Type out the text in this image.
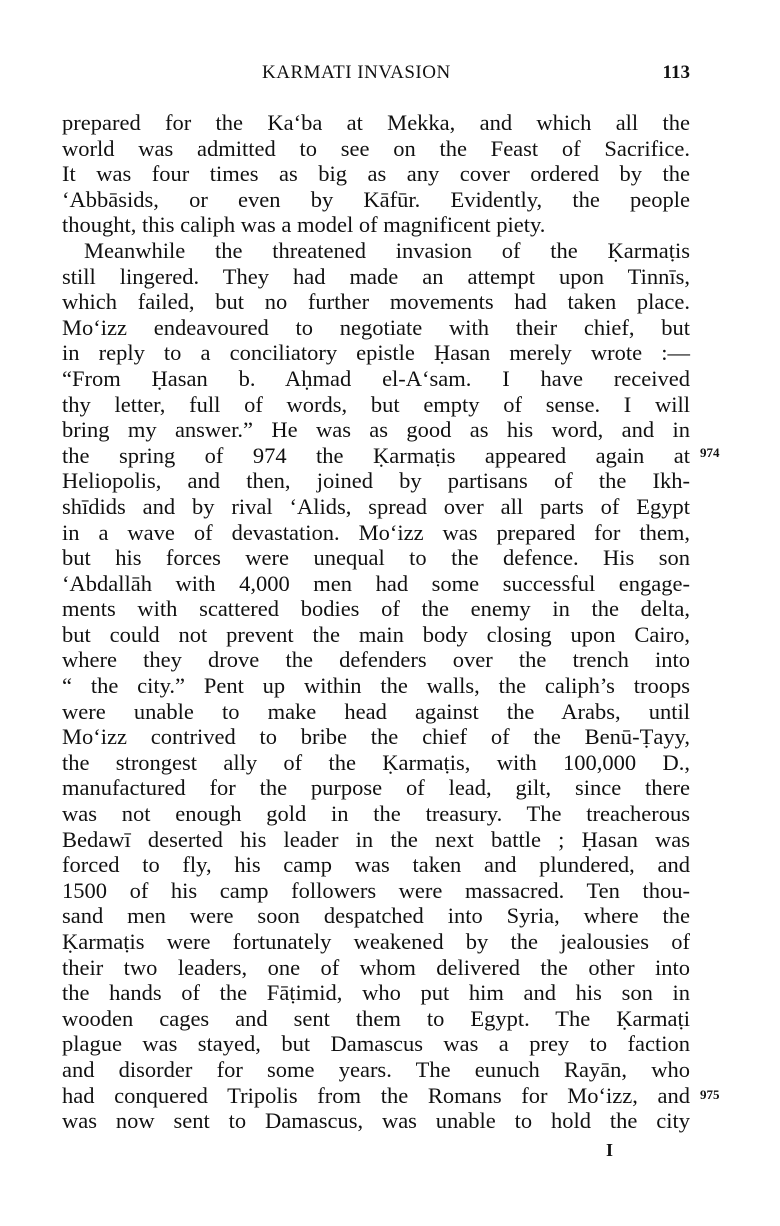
KARMATI INVASION	113
prepared for the Ka‘ba at Mekka, and which all the
world was admitted to see on the Feast of Sacrifice.
It was four times as big as any cover ordered by the
‘Abbāsids, or even by Kāfūr. Evidently, the people
thought, this caliph was a model of magnificent piety.
Meanwhile the threatened invasion of the Ḳarmaṭis
still lingered. They had made an attempt upon Tinnīs,
which failed, but no further movements had taken place.
Mo‘izz endeavoured to negotiate with their chief, but
in reply to a conciliatory epistle Ḥasan merely wrote :—
“From Ḥasan b. Aḥmad el-A‘sam. I have received
thy letter, full of words, but empty of sense. I will
bring my answer.” He was as good as his word, and in
the spring of 974 the Ḳarmaṭis appeared again at
Heliopolis, and then, joined by partisans of the Ikh-
shīdids and by rival ‘Alids, spread over all parts of Egypt
in a wave of devastation. Mo‘izz was prepared for them,
but his forces were unequal to the defence. His son
‘Abdallāh with 4,000 men had some successful engage-
ments with scattered bodies of the enemy in the delta,
but could not prevent the main body closing upon Cairo,
where they drove the defenders over the trench into
“ the city.” Pent up within the walls, the caliph’s troops
were unable to make head against the Arabs, until
Mo‘izz contrived to bribe the chief of the Benū-Ṭayy,
the strongest ally of the Ḳarmaṭis, with 100,000 D.,
manufactured for the purpose of lead, gilt, since there
was not enough gold in the treasury. The treacherous
Bedawī deserted his leader in the next battle ; Ḥasan was
forced to fly, his camp was taken and plundered, and
1500 of his camp followers were massacred. Ten thou-
sand men were soon despatched into Syria, where the
Ḳarmaṭis were fortunately weakened by the jealousies of
their two leaders, one of whom delivered the other into
the hands of the Fāṭimid, who put him and his son in
wooden cages and sent them to Egypt. The Ḳarmaṭi
plague was stayed, but Damascus was a prey to faction
and disorder for some years. The eunuch Rayān, who
had conquered Tripolis from the Romans for Mo‘izz, and
was now sent to Damascus, was unable to hold the city
974
975
I
